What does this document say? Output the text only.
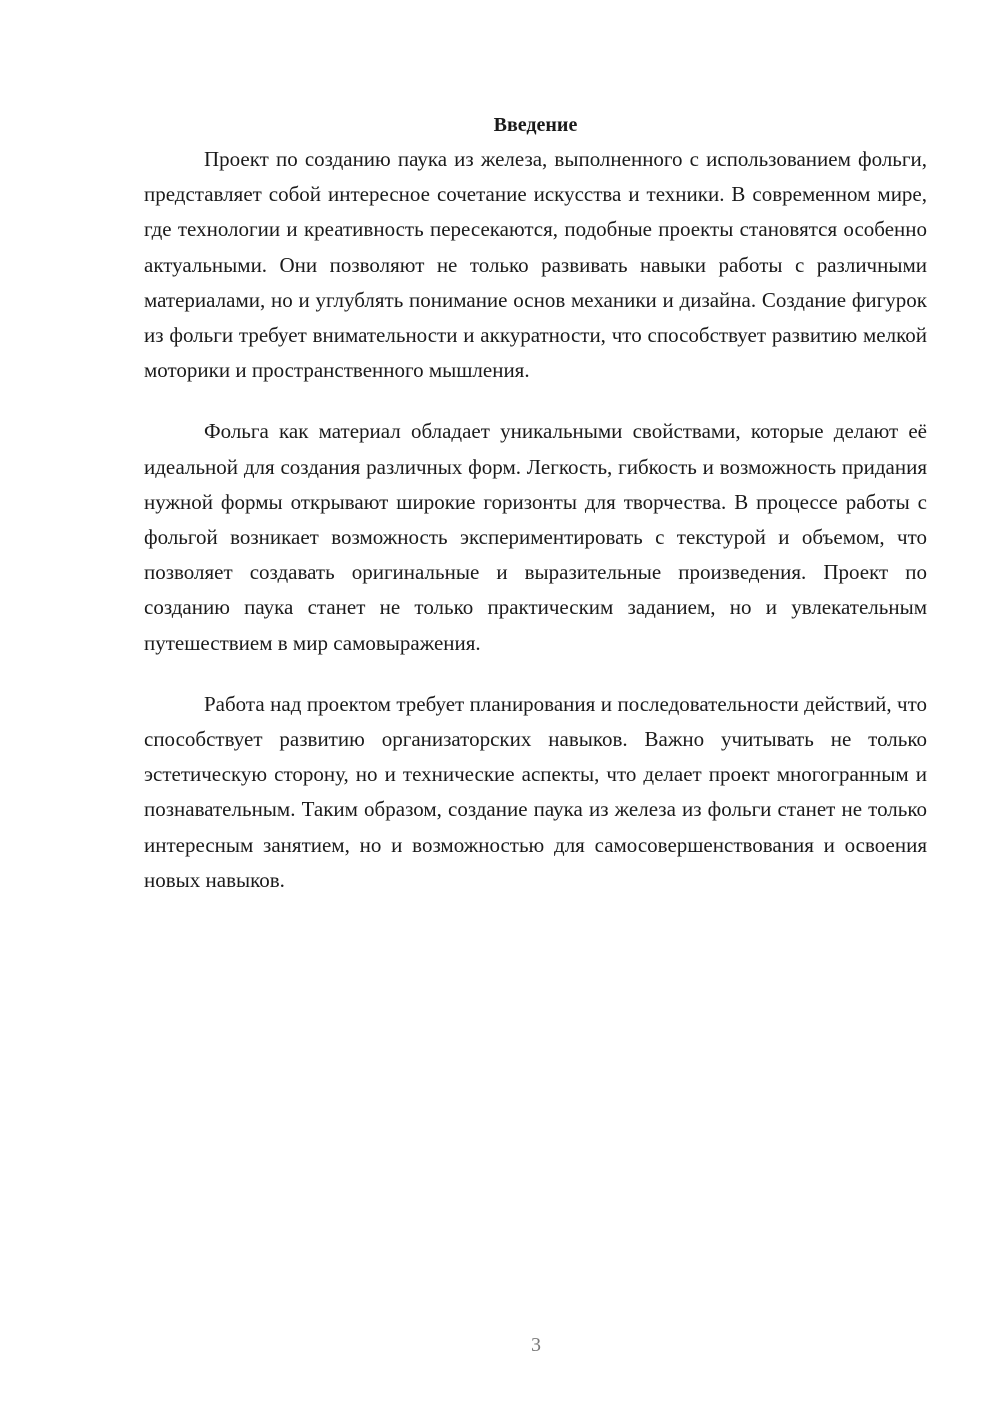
Введение

Проект по созданию паука из железа, выполненного с использованием фольги, представляет собой интересное сочетание искусства и техники. В современном мире, где технологии и креативность пересекаются, подобные проекты становятся особенно актуальными. Они позволяют не только развивать навыки работы с различными материалами, но и углублять понимание основ механики и дизайна. Создание фигурок из фольги требует внимательности и аккуратности, что способствует развитию мелкой моторики и пространственного мышления.

Фольга как материал обладает уникальными свойствами, которые делают её идеальной для создания различных форм. Легкость, гибкость и возможность придания нужной формы открывают широкие горизонты для творчества. В процессе работы с фольгой возникает возможность экспериментировать с текстурой и объемом, что позволяет создавать оригинальные и выразительные произведения. Проект по созданию паука станет не только практическим заданием, но и увлекательным путешествием в мир самовыражения.

Работа над проектом требует планирования и последовательности действий, что способствует развитию организаторских навыков. Важно учитывать не только эстетическую сторону, но и технические аспекты, что делает проект многогранным и познавательным. Таким образом, создание паука из железа из фольги станет не только интересным занятием, но и возможностью для самосовершенствования и освоения новых навыков.

3
